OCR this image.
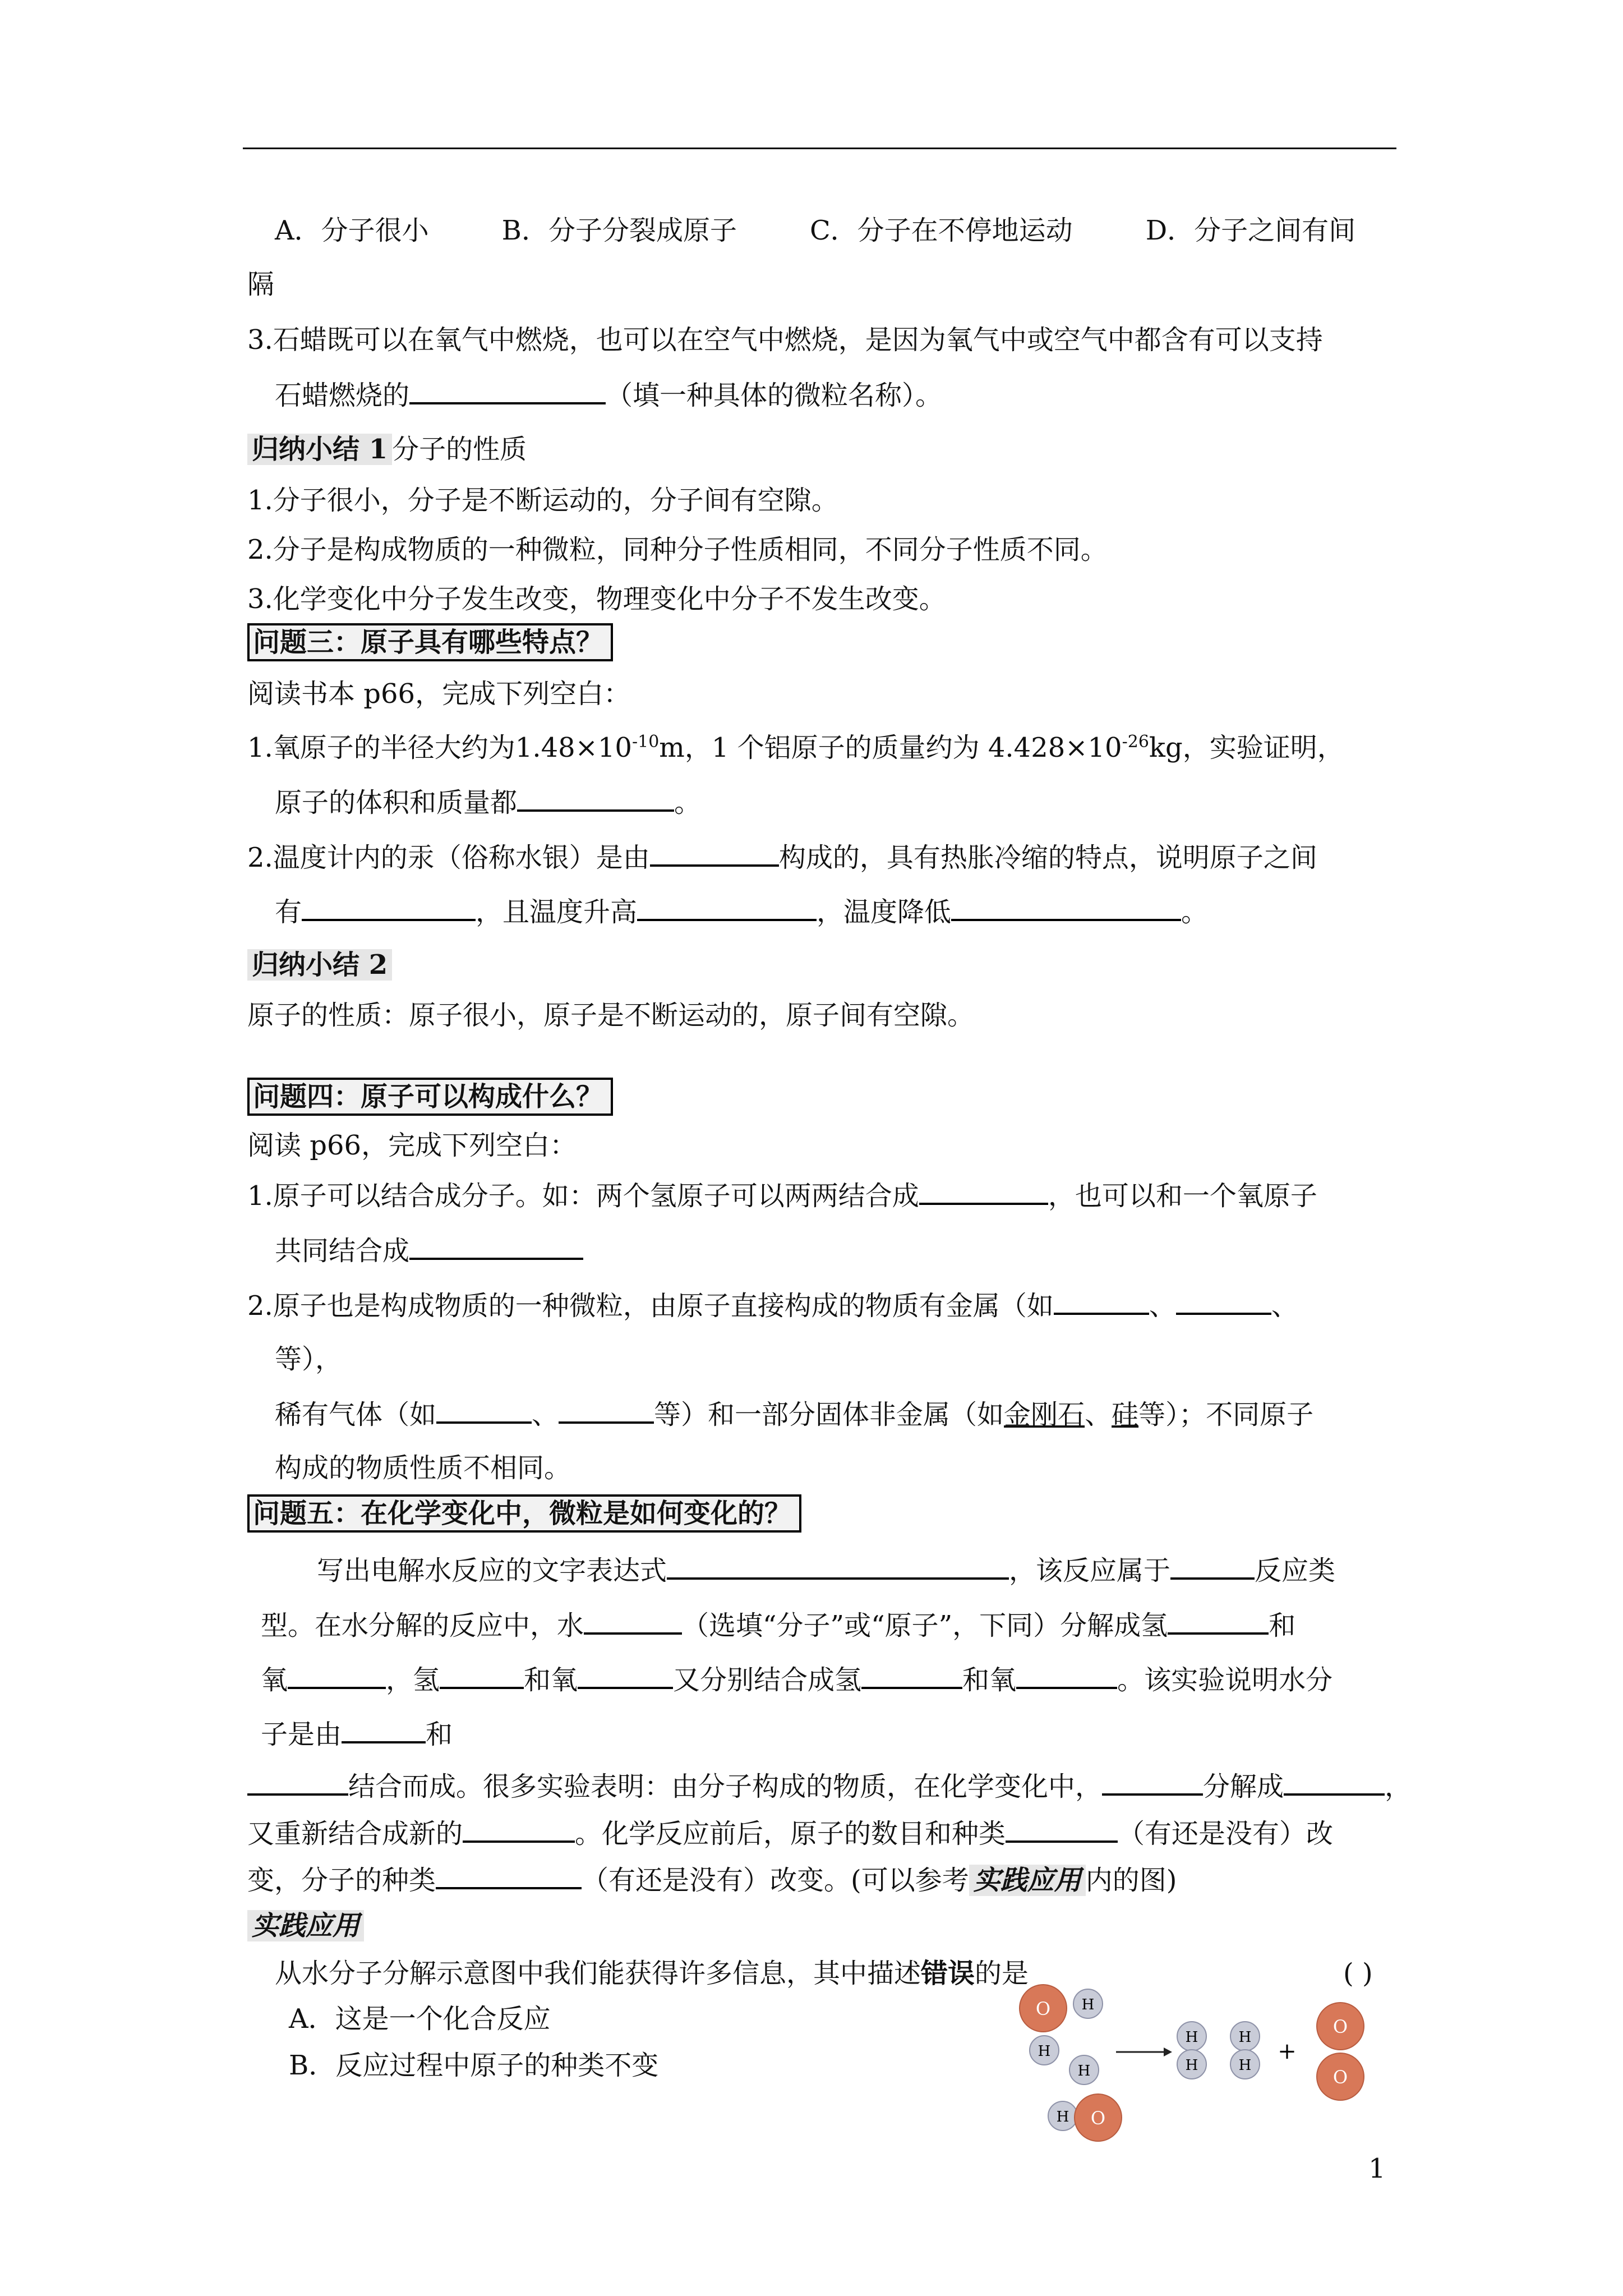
A．分子很小	B．分子分裂成原子	C．分子在不停地运动	D．分子之间有间
隔
3.石蜡既可以在氧气中燃烧，也可以在空气中燃烧，是因为氧气中或空气中都含有可以支持
石蜡燃烧的	（填一种具体的微粒名称）。
归纳小结 1 分子的性质
1.分子很小，分子是不断运动的，分子间有空隙。
2.分子是构成物质的一种微粒，同种分子性质相同，不同分子性质不同。
3.化学变化中分子发生改变，物理变化中分子不发生改变。
问题三：原子具有哪些特点？
阅读书本 p66，完成下列空白：
1.氧原子的半径大约为$1.48\times 10^{-10}m$，1 个铝原子的质量约为 $4.428\times 10^{-26}kg$，实验证明，
原子的体积和质量都	。
2.温度计内的汞（俗称水银）是由	构成的，具有热胀冷缩的特点，说明原子之间
有	，且温度升高	，温度降低	。
归纳小结 2
原子的性质：原子很小，原子是不断运动的，原子间有空隙。
问题四：原子可以构成什么？
阅读 p66，完成下列空白：
1.原子可以结合成分子。如：两个氢原子可以两两结合成	，也可以和一个氧原子
共同结合成
2.原子也是构成物质的一种微粒，由原子直接构成的物质有金属（如	、	、
等），
稀有气体（如	、	等）和一部分固体非金属（如金刚石、硅等）；不同原子
构成的物质性质不相同。
问题五：在化学变化中，微粒是如何变化的？
写出电解水反应的文字表达式	，该反应属于	反应类
型。在水分解的反应中，水	（选填“分子”或“原子”，下同）分解成氢	和
氧	，氢	和氧	又分别结合成氢	和氧	。该实验说明水分
子是由	和
结合而成。很多实验表明：由分子构成的物质，在化学变化中，	分解成	，
又重新结合成新的	。化学反应前后，原子的数目和种类	（有还是没有）改
变，分子的种类	（有还是没有）改变。(可以参考 实践应用 内的图)
实践应用
从水分子分解示意图中我们能获得许多信息，其中描述错误的是	( )
A．这是一个化合反应
B．反应过程中原子的种类不变
O H
H
H
H O
H
H
H
H
+
O
O
1
